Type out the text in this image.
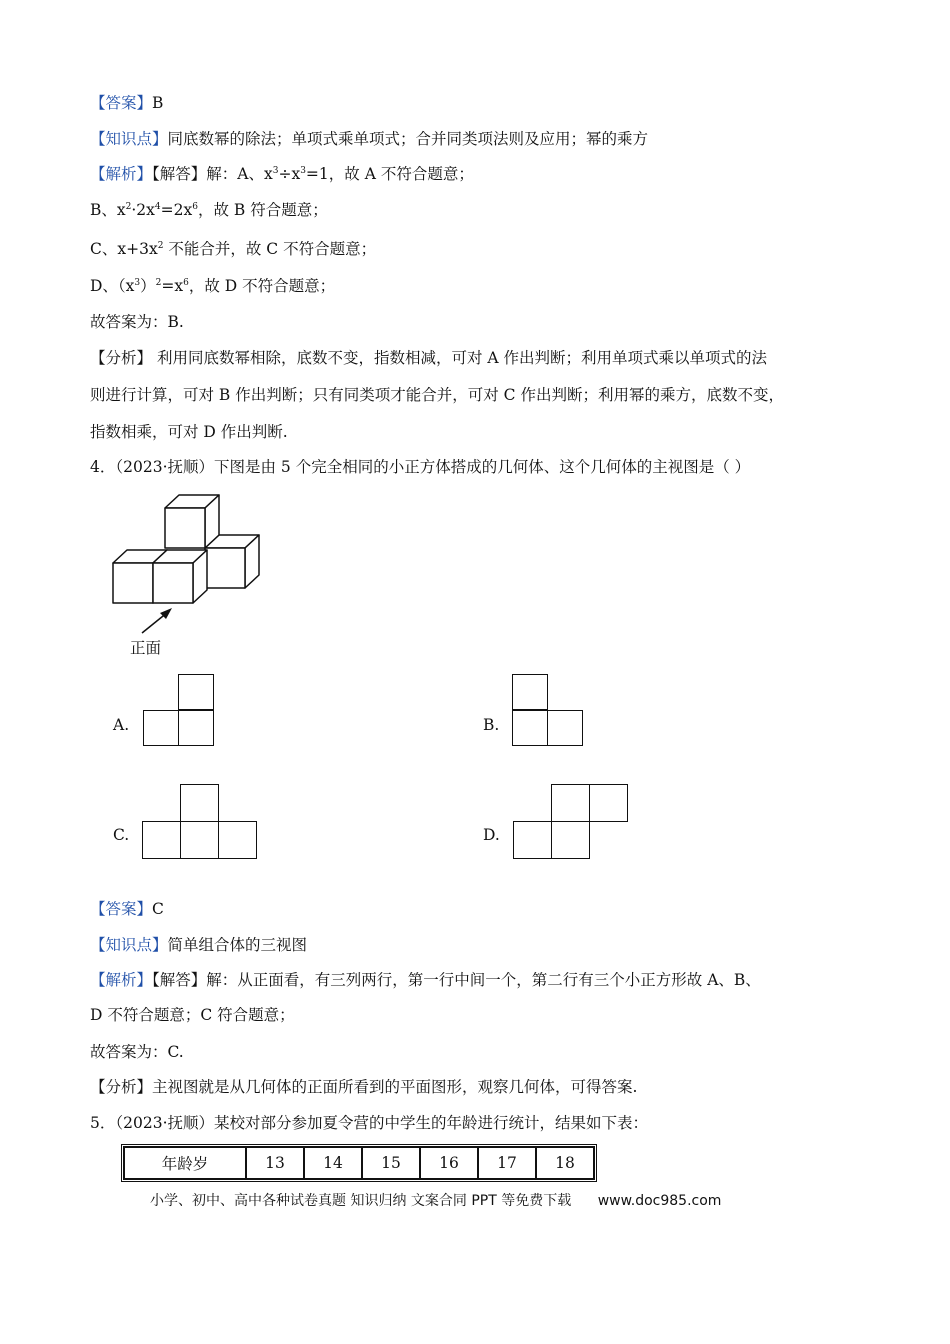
【答案】B
【知识点】同底数幂的除法；单项式乘单项式；合并同类项法则及应用；幂的乘方
【解析】【解答】解：A、$x^3\div x^3=1$，故 A 不符合题意；
B、$x^2\cdot 2x^4=2x^6$，故 B 符合题意；
C、$x+3x^2$ 不能合并，故 C 不符合题意；
D、$(x^3)^2=x^6$，故 D 不符合题意；
故答案为：B.
【分析】 利用同底数幂相除，底数不变，指数相减，可对 A 作出判断；利用单项式乘以单项式的法
则进行计算，可对 B 作出判断；只有同类项才能合并，可对 C 作出判断；利用幂的乘方，底数不变，
指数相乘，可对 D 作出判断.
4．（2023·抚顺）下图是由 5 个完全相同的小正方体搭成的几何体、这个几何体的主视图是（ ）
正面
A.	B.
C.	D.
【答案】C
【知识点】简单组合体的三视图
【解析】【解答】解：从正面看，有三列两行，第一行中间一个，第二行有三个小正方形故 A、B、
D 不符合题意；C 符合题意；
故答案为：C.
【分析】主视图就是从几何体的正面所看到的平面图形，观察几何体，可得答案.
5．（2023·抚顺）某校对部分参加夏令营的中学生的年龄进行统计，结果如下表：
年龄岁	13	14	15	16	17	18
小学、初中、高中各种试卷真题 知识归纳 文案合同 PPT 等免费下载 www.doc985.com
